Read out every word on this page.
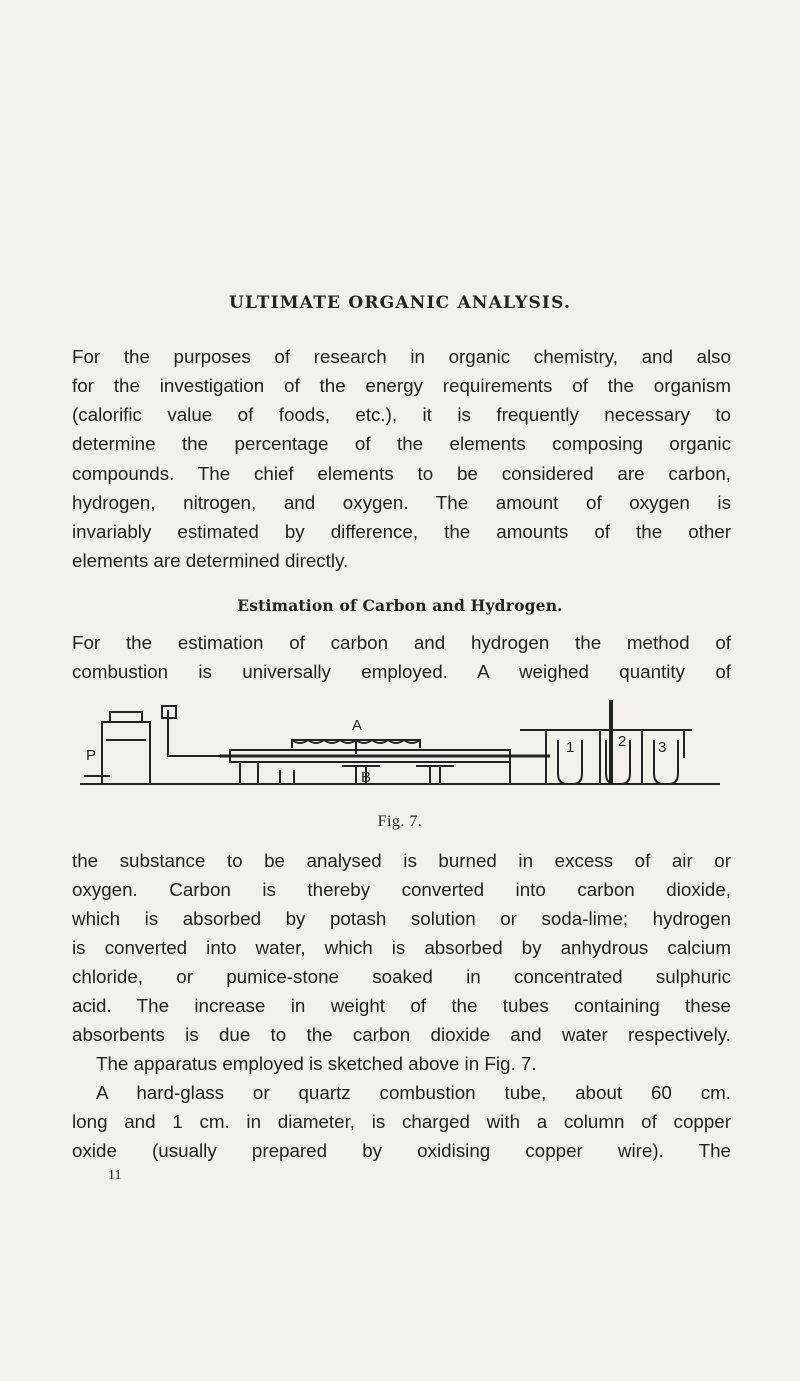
ULTIMATE ORGANIC ANALYSIS.

For the purposes of research in organic chemistry, and also

for the investigation of the energy requirements of the organism

(calorific value of foods, etc.), it is frequently necessary to

determine the percentage of the elements composing organic

compounds. The chief elements to be considered are carbon,

hydrogen, nitrogen, and oxygen. The amount of oxygen is

invariably estimated by difference, the amounts of the other

elements are determined directly.

Estimation of Carbon and Hydrogen.

For the estimation of carbon and hydrogen the method of

combustion is universally employed. A weighed quantity of

P
A
B
1	2 3

Fig. 7.

the substance to be analysed is burned in excess of air or

oxygen. Carbon is thereby converted into carbon dioxide,

which is absorbed by potash solution or soda-lime; hydrogen

is converted into water, which is absorbed by anhydrous calcium

chloride, or pumice-stone soaked in concentrated sulphuric

acid. The increase in weight of the tubes containing these

absorbents is due to the carbon dioxide and water respectively.

The apparatus employed is sketched above in Fig. 7.

A hard-glass or quartz combustion tube, about 60 cm.

long and 1 cm. in diameter, is charged with a column of copper

oxide (usually prepared by oxidising copper wire). The

11
